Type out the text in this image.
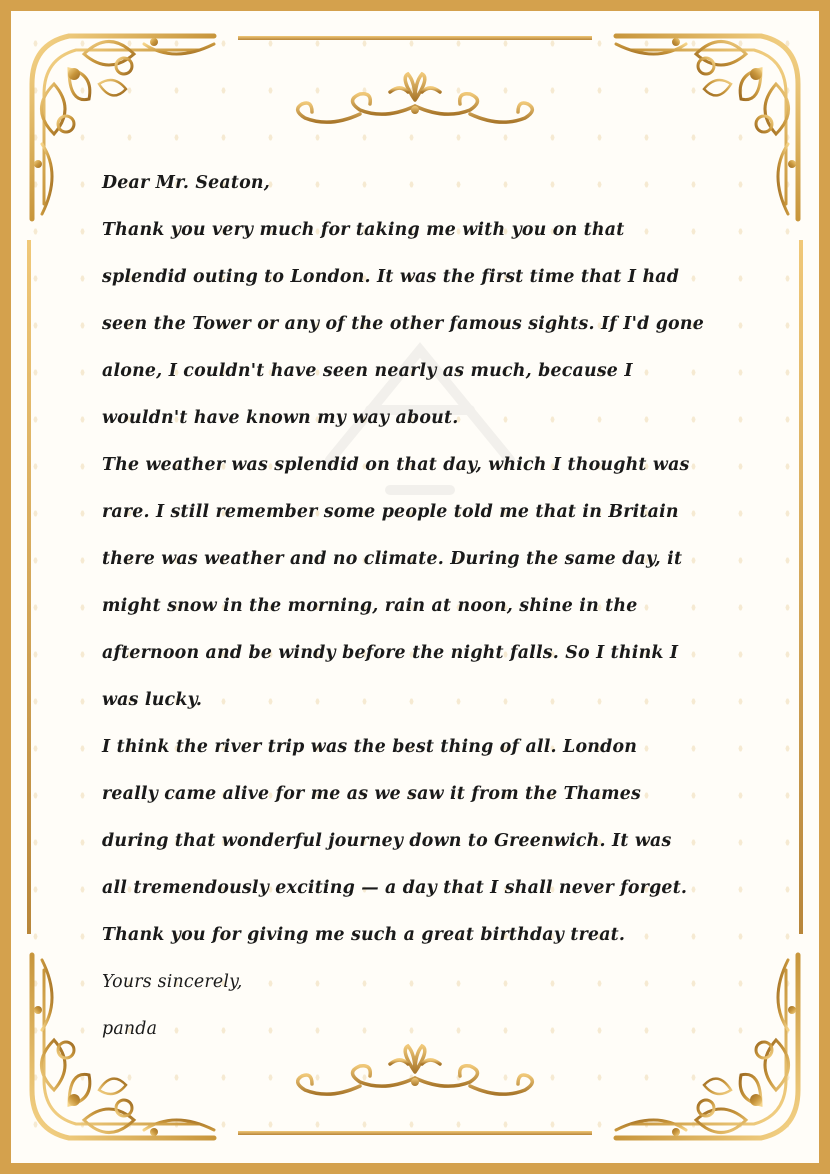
Dear Mr. Seaton,

Thank you very much for taking me with you on that

splendid outing to London. It was the first time that I had

seen the Tower or any of the other famous sights. If I'd gone

alone, I couldn't have seen nearly as much, because I

wouldn't have known my way about.

The weather was splendid on that day, which I thought was

rare. I still remember some people told me that in Britain

there was weather and no climate. During the same day, it

might snow in the morning, rain at noon, shine in the

afternoon and be windy before the night falls. So I think I

was lucky.

I think the river trip was the best thing of all. London

really came alive for me as we saw it from the Thames

during that wonderful journey down to Greenwich. It was

all tremendously exciting — a day that I shall never forget.

Thank you for giving me such a great birthday treat.

Yours sincerely,

panda
